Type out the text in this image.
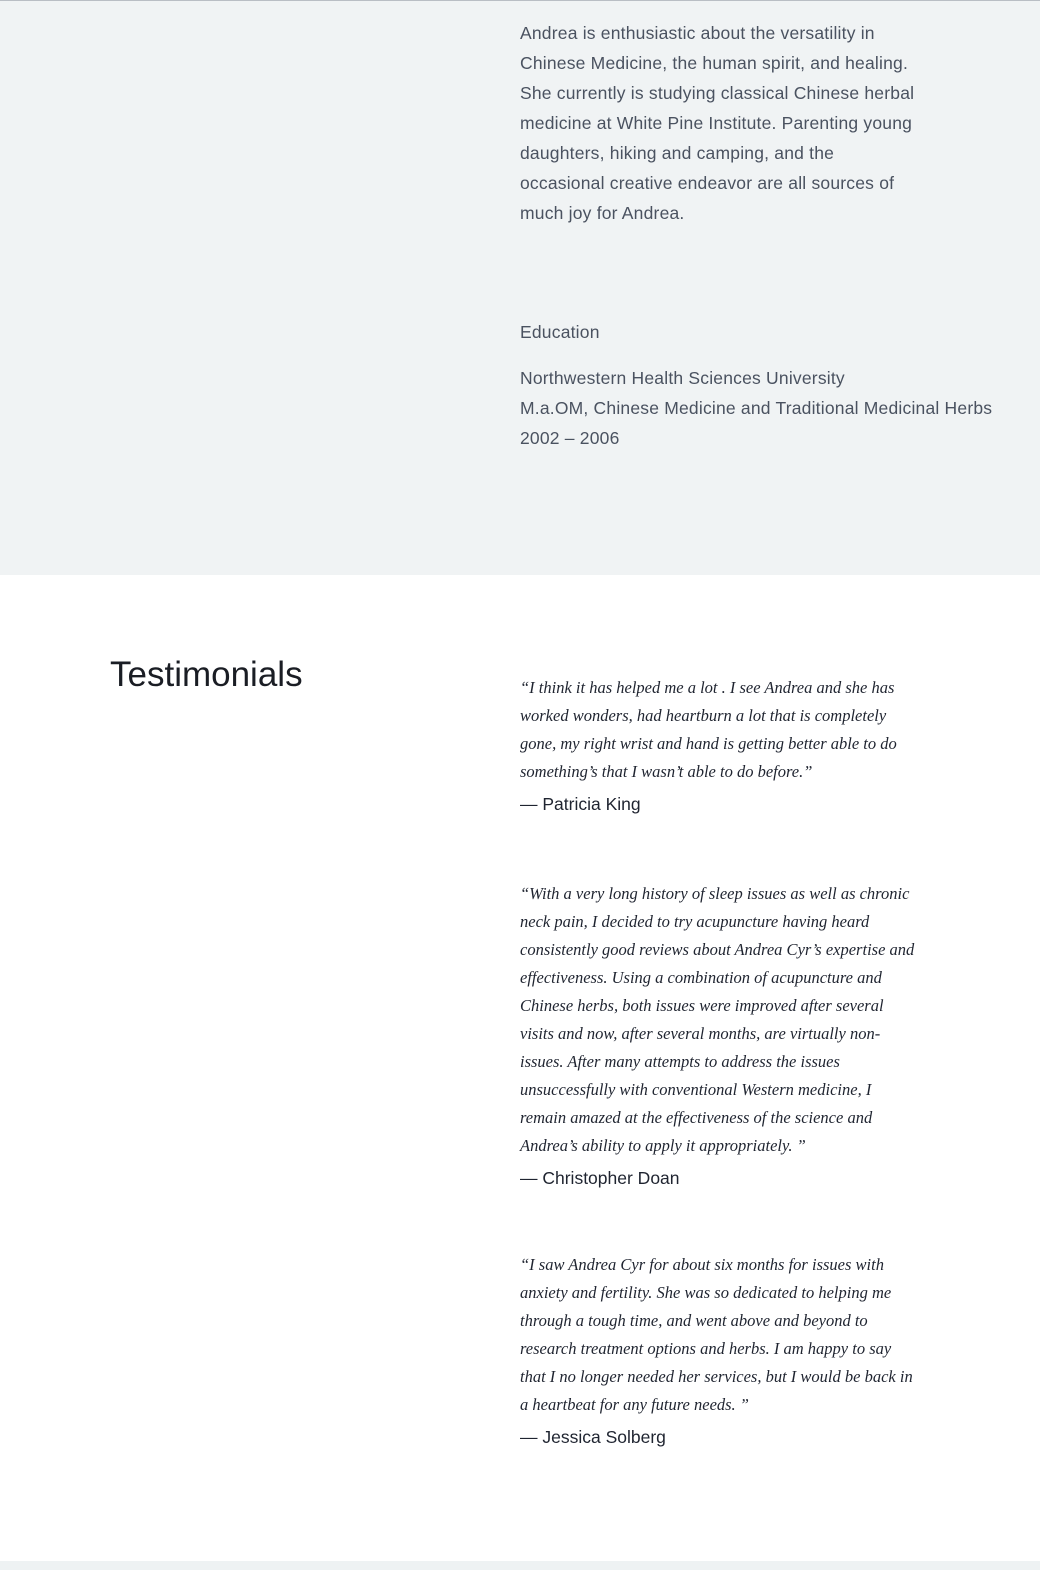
Andrea is enthusiastic about the versatility in Chinese Medicine, the human spirit, and healing. She currently is studying classical Chinese herbal medicine at White Pine Institute. Parenting young daughters, hiking and camping, and the occasional creative endeavor are all sources of much joy for Andrea.

Education
Northwestern Health Sciences University
M.a.OM, Chinese Medicine and Traditional Medicinal Herbs
2002 – 2006
Testimonials	“I think it has helped me a lot . I see Andrea and she has worked wonders, had heartburn a lot that is completely gone, my right wrist and hand is getting better able to do something’s that I wasn’t able to do before.”

— Patricia King

“With a very long history of sleep issues as well as chronic neck pain, I decided to try acupuncture having heard consistently good reviews about Andrea Cyr’s expertise and effectiveness. Using a combination of acupuncture and Chinese herbs, both issues were improved after several visits and now, after several months, are virtually non-issues. After many attempts to address the issues unsuccessfully with conventional Western medicine, I remain amazed at the effectiveness of the science and Andrea’s ability to apply it appropriately. ”

— Christopher Doan

“I saw Andrea Cyr for about six months for issues with anxiety and fertility. She was so dedicated to helping me through a tough time, and went above and beyond to research treatment options and herbs. I am happy to say that I no longer needed her services, but I would be back in a heartbeat for any future needs. ”

— Jessica Solberg
